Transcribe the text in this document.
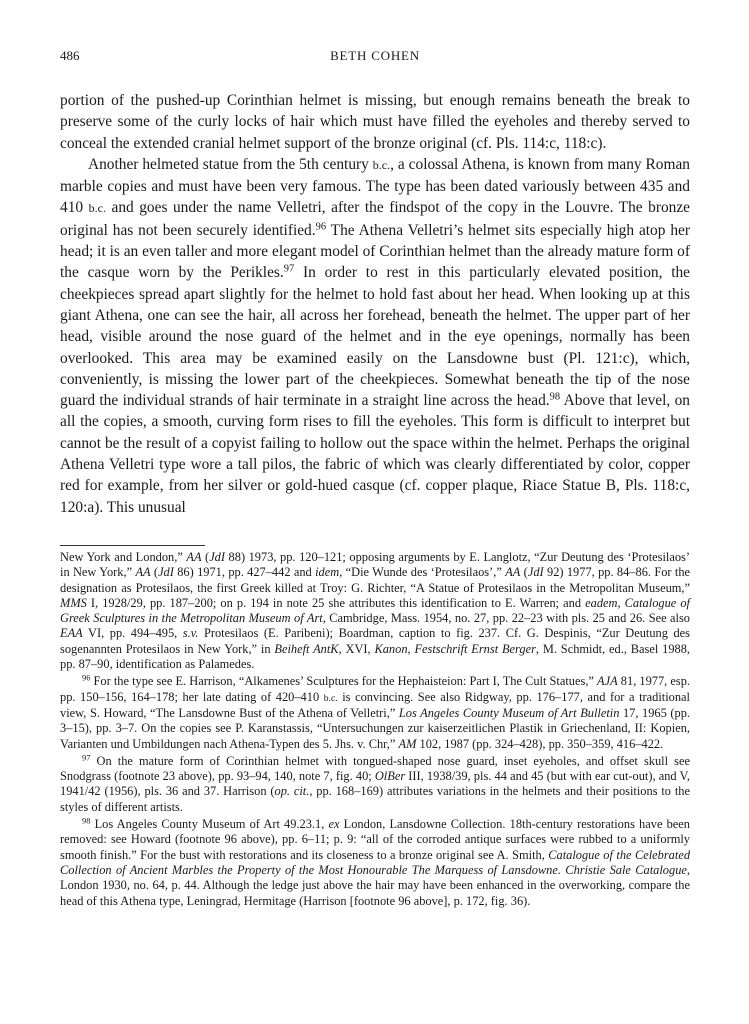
486	BETH COHEN

portion of the pushed-up Corinthian helmet is missing, but enough remains beneath the break to preserve some of the curly locks of hair which must have filled the eyeholes and thereby served to conceal the extended cranial helmet support of the bronze original (cf. Pls. 114:c, 118:c).

Another helmeted statue from the 5th century b.c., a colossal Athena, is known from many Roman marble copies and must have been very famous. The type has been dated variously between 435 and 410 b.c. and goes under the name Velletri, after the findspot of the copy in the Louvre. The bronze original has not been securely identified.$^{96}$ The Athena Velletri’s helmet sits especially high atop her head; it is an even taller and more elegant model of Corinthian helmet than the already mature form of the casque worn by the Perikles.$^{97}$ In order to rest in this particularly elevated position, the cheekpieces spread apart slightly for the helmet to hold fast about her head. When looking up at this giant Athena, one can see the hair, all across her forehead, beneath the helmet. The upper part of her head, visible around the nose guard of the helmet and in the eye openings, normally has been overlooked. This area may be examined easily on the Lansdowne bust (Pl. 121:c), which, conveniently, is missing the lower part of the cheekpieces. Somewhat beneath the tip of the nose guard the individual strands of hair terminate in a straight line across the head.$^{98}$ Above that level, on all the copies, a smooth, curving form rises to fill the eyeholes. This form is difficult to interpret but cannot be the result of a copyist failing to hollow out the space within the helmet. Perhaps the original Athena Velletri type wore a tall pilos, the fabric of which was clearly differentiated by color, copper red for example, from her silver or gold-hued casque (cf. copper plaque, Riace Statue B, Pls. 118:c, 120:a). This unusual

New York and London,” AA (JdI 88) 1973, pp. 120–121; opposing arguments by E. Langlotz, “Zur Deutung des ‘Protesilaos’ in New York,” AA (JdI 86) 1971, pp. 427–442 and idem, “Die Wunde des ‘Protesilaos’,” AA (JdI 92) 1977, pp. 84–86. For the designation as Protesilaos, the first Greek killed at Troy: G. Richter, “A Statue of Protesilaos in the Metropolitan Museum,” MMS I, 1928/29, pp. 187–200; on p. 194 in note 25 she attributes this identification to E. Warren; and eadem, Catalogue of Greek Sculptures in the Metropolitan Museum of Art, Cambridge, Mass. 1954, no. 27, pp. 22–23 with pls. 25 and 26. See also EAA VI, pp. 494–495, s.v. Protesilaos (E. Paribeni); Boardman, caption to fig. 237. Cf. G. Despinis, “Zur Deutung des sogenannten Protesilaos in New York,” in Beiheft AntK, XVI, Kanon, Festschrift Ernst Berger, M. Schmidt, ed., Basel 1988, pp. 87–90, identification as Palamedes.

$^{96}$ For the type see E. Harrison, “Alkamenes’ Sculptures for the Hephaisteion: Part I, The Cult Statues,” AJA 81, 1977, esp. pp. 150–156, 164–178; her late dating of 420–410 b.c. is convincing. See also Ridgway, pp. 176–177, and for a traditional view, S. Howard, “The Lansdowne Bust of the Athena of Velletri,” Los Angeles County Museum of Art Bulletin 17, 1965 (pp. 3–15), pp. 3–7. On the copies see P. Karanstassis, “Untersuchungen zur kaiserzeitlichen Plastik in Griechenland, II: Kopien, Varianten und Umbildungen nach Athena-Typen des 5. Jhs. v. Chr,” AM 102, 1987 (pp. 324–428), pp. 350–359, 416–422.

$^{97}$ On the mature form of Corinthian helmet with tongued-shaped nose guard, inset eyeholes, and offset skull see Snodgrass (footnote 23 above), pp. 93–94, 140, note 7, fig. 40; OlBer III, 1938/39, pls. 44 and 45 (but with ear cut-out), and V, 1941/42 (1956), pls. 36 and 37. Harrison (op. cit., pp. 168–169) attributes variations in the helmets and their positions to the styles of different artists.

$^{98}$ Los Angeles County Museum of Art 49.23.1, ex London, Lansdowne Collection. 18th-century restorations have been removed: see Howard (footnote 96 above), pp. 6–11; p. 9: “all of the corroded antique surfaces were rubbed to a uniformly smooth finish.” For the bust with restorations and its closeness to a bronze original see A. Smith, Catalogue of the Celebrated Collection of Ancient Marbles the Property of the Most Honourable The Marquess of Lansdowne. Christie Sale Catalogue, London 1930, no. 64, p. 44. Although the ledge just above the hair may have been enhanced in the overworking, compare the head of this Athena type, Leningrad, Hermitage (Harrison [footnote 96 above], p. 172, fig. 36).
